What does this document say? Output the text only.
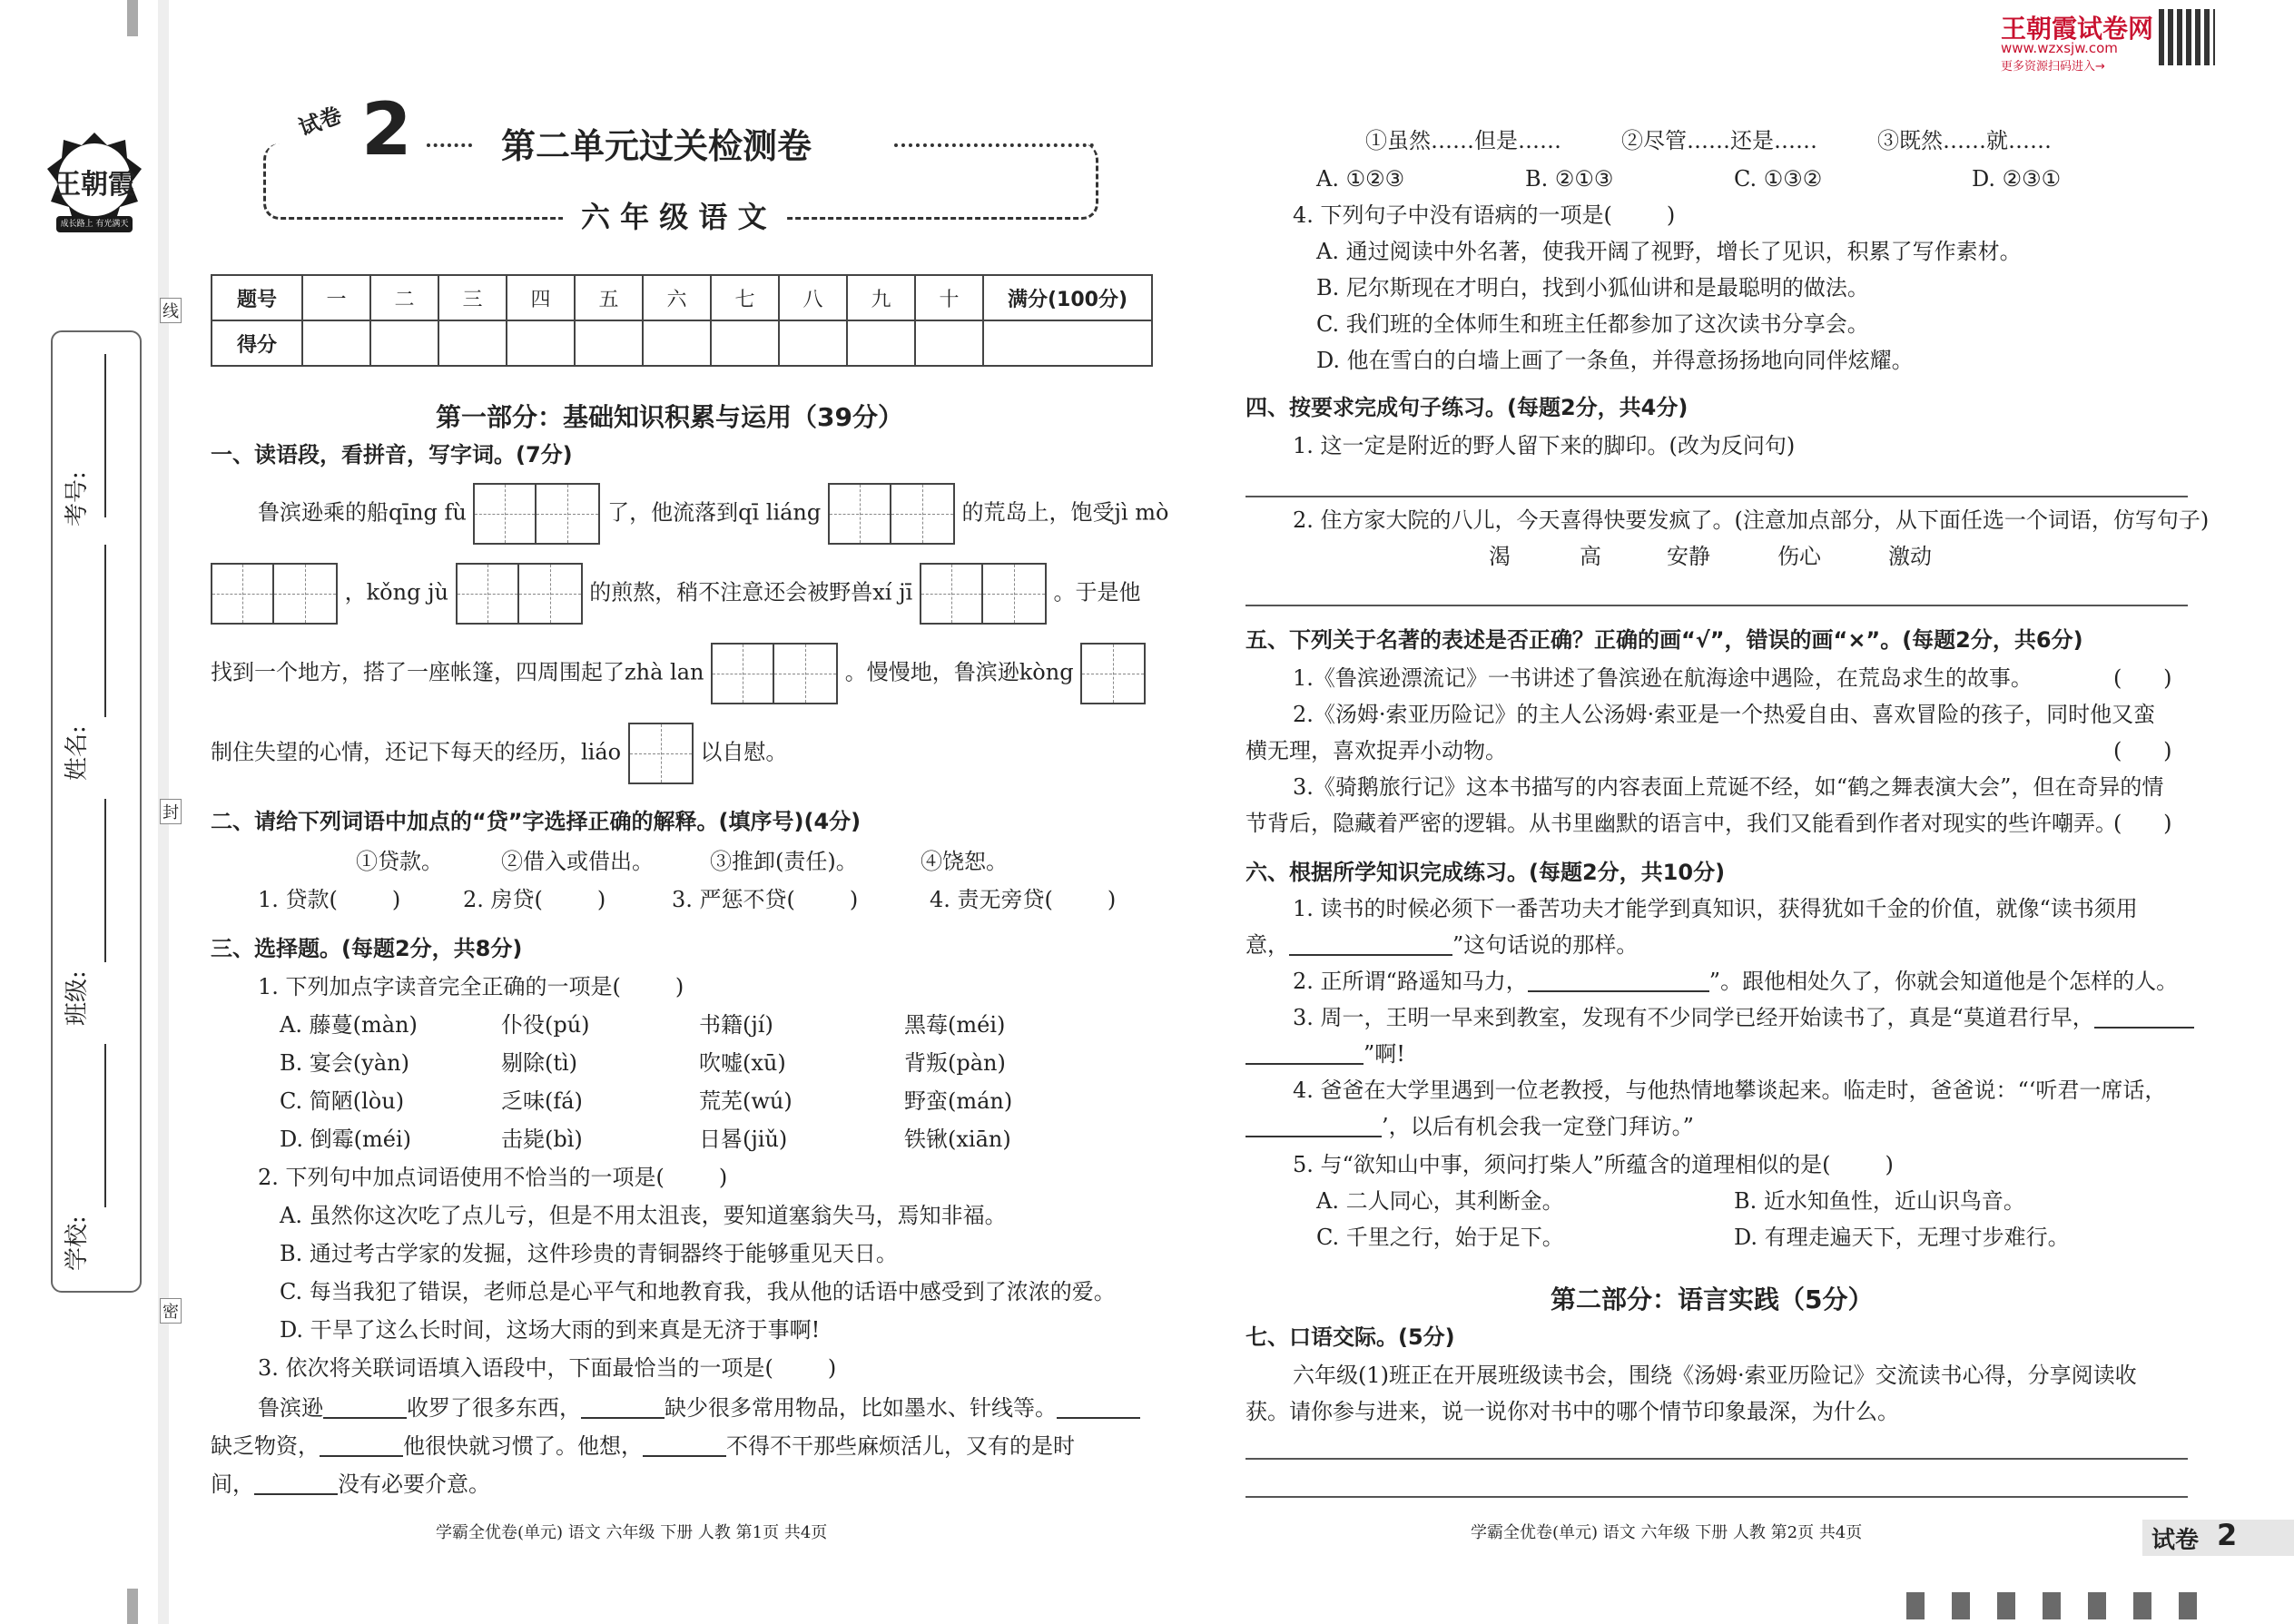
王朝霞
成长路上 有光满天
线
封
密
考号:
姓名:
班级:
学校:
试卷 2	第二单元过关检测卷
六 年 级 语 文
题号	一	二	三	四	五	六	七	八	九	十	满分(100分)
得分											
第一部分：基础知识积累与运用（39分）
一、读语段，看拼音，写字词。(7分)
鲁滨逊乘的船qīng fù	了，他流落到qī liáng	的荒岛上，饱受jì mò
，kǒng jù	的煎熬，稍不注意还会被野兽xí jī	。于是他
找到一个地方，搭了一座帐篷，四周围起了zhà lan	。慢慢地，鲁滨逊kòng
制住失望的心情，还记下每天的经历，liáo	以自慰。
二、请给下列词语中加点的“贷”字选择正确的解释。(填序号)(4分)
①贷款。	②借入或借出。	③推卸(责任)。	④饶恕。
1. 贷款(	)	2. 房贷(	)	3. 严惩不贷(	)	4. 责无旁贷(	)
三、选择题。(每题2分，共8分)
1. 下列加点字读音完全正确的一项是(	)
A. 藤蔓(màn)	仆役(pú)	书籍(jí)	黑莓(méi)
B. 宴会(yàn)	剔除(tì)	吹嘘(xū)	背叛(pàn)
C. 简陋(lòu)	乏味(fá)	荒芜(wú)	野蛮(mán)
D. 倒霉(méi)	击毙(bì)	日晷(jiǔ)	铁锹(xiān)
2. 下列句中加点词语使用不恰当的一项是(	)
A. 虽然你这次吃了点儿亏，但是不用太沮丧，要知道塞翁失马，焉知非福。
B. 通过考古学家的发掘，这件珍贵的青铜器终于能够重见天日。
C. 每当我犯了错误，老师总是心平气和地教育我，我从他的话语中感受到了浓浓的爱。
D. 干旱了这么长时间，这场大雨的到来真是无济于事啊!
3. 依次将关联词语填入语段中，下面最恰当的一项是(	)
鲁滨逊	收罗了很多东西，	缺少很多常用物品，比如墨水、针线等。
缺乏物资，	他很快就习惯了。他想，	不得不干那些麻烦活儿，又有的是时
间，	没有必要介意。
学霸全优卷(单元) 语文 六年级 下册 人教 第1页 共4页
王朝霞试卷网
www.wzxsjw.com
更多资源扫码进入→
①虽然……但是……	②尽管……还是……	③既然……就……
A. ①②③	B. ②①③	C. ①③②	D. ②③①
4. 下列句子中没有语病的一项是(	)
A. 通过阅读中外名著，使我开阔了视野，增长了见识，积累了写作素材。
B. 尼尔斯现在才明白，找到小狐仙讲和是最聪明的做法。
C. 我们班的全体师生和班主任都参加了这次读书分享会。
D. 他在雪白的白墙上画了一条鱼，并得意扬扬地向同伴炫耀。
四、按要求完成句子练习。(每题2分，共4分)
1. 这一定是附近的野人留下来的脚印。(改为反问句)
2. 住方家大院的八儿，今天喜得快要发疯了。(注意加点部分，从下面任选一个词语，仿写句子)
渴	高	安静	伤心	激动
五、下列关于名著的表述是否正确？正确的画“√”，错误的画“×”。(每题2分，共6分)
1.《鲁滨逊漂流记》一书讲述了鲁滨逊在航海途中遇险，在荒岛求生的故事。	(      )
2.《汤姆·索亚历险记》的主人公汤姆·索亚是一个热爱自由、喜欢冒险的孩子，同时他又蛮
横无理，喜欢捉弄小动物。	(      )
3.《骑鹅旅行记》这本书描写的内容表面上荒诞不经，如“鹤之舞表演大会”，但在奇异的情
节背后，隐藏着严密的逻辑。从书里幽默的语言中，我们又能看到作者对现实的些许嘲弄。
(      )
六、根据所学知识完成练习。(每题2分，共10分)
1. 读书的时候必须下一番苦功夫才能学到真知识，获得犹如千金的价值，就像“读书须用
意，	”这句话说的那样。
2. 正所谓“路遥知马力，	”。跟他相处久了，你就会知道他是个怎样的人。
3. 周一，王明一早来到教室，发现有不少同学已经开始读书了，真是“莫道君行早，
”啊!
4. 爸爸在大学里遇到一位老教授，与他热情地攀谈起来。临走时，爸爸说：“‘听君一席话，
’，以后有机会我一定登门拜访。”
5. 与“欲知山中事，须问打柴人”所蕴含的道理相似的是(	)
A. 二人同心，其利断金。	B. 近水知鱼性，近山识鸟音。
C. 千里之行，始于足下。	D. 有理走遍天下，无理寸步难行。
第二部分：语言实践（5分）
七、口语交际。(5分)
六年级(1)班正在开展班级读书会，围绕《汤姆·索亚历险记》交流读书心得，分享阅读收
获。请你参与进来，说一说你对书中的哪个情节印象最深，为什么。
学霸全优卷(单元) 语文 六年级 下册 人教 第2页 共4页	试卷 2
